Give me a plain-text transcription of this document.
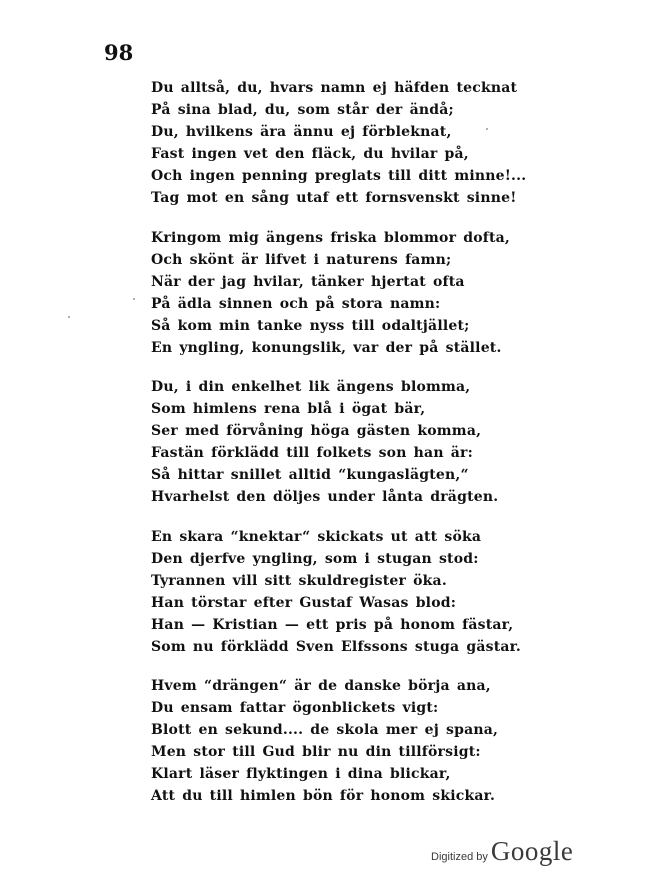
98
Du alltså, du, hvars namn ej häfden tecknat
På sina blad, du, som står der ändå;
Du, hvilkens ära ännu ej förbleknat,
Fast ingen vet den fläck, du hvilar på,
Och ingen penning preglats till ditt minne!...
Tag mot en sång utaf ett fornsvenskt sinne!
Kringom mig ängens friska blommor dofta,
Och skönt är lifvet i naturens famn;
När der jag hvilar, tänker hjertat ofta
På ädla sinnen och på stora namn:
Så kom min tanke nyss till odaltjället;
En yngling, konungslik, var der på stället.
Du, i din enkelhet lik ängens blomma,
Som himlens rena blå i ögat bär,
Ser med förvåning höga gästen komma,
Fastän förklädd till folkets son han är:
Så hittar snillet alltid “kungaslägten,“
Hvarhelst den döljes under lånta drägten.
En skara “knektar“ skickats ut att söka
Den djerfve yngling, som i stugan stod:
Tyrannen vill sitt skuldregister öka.
Han törstar efter Gustaf Wasas blod:
Han — Kristian — ett pris på honom fästar,
Som nu förklädd Sven Elfssons stuga gästar.
Hvem “drängen“ är de danske börja ana,
Du ensam fattar ögonblickets vigt:
Blott en sekund.... de skola mer ej spana,
Men stor till Gud blir nu din tillförsigt:
Klart läser flyktingen i dina blickar,
Att du till himlen bön för honom skickar.
Digitized by Google
